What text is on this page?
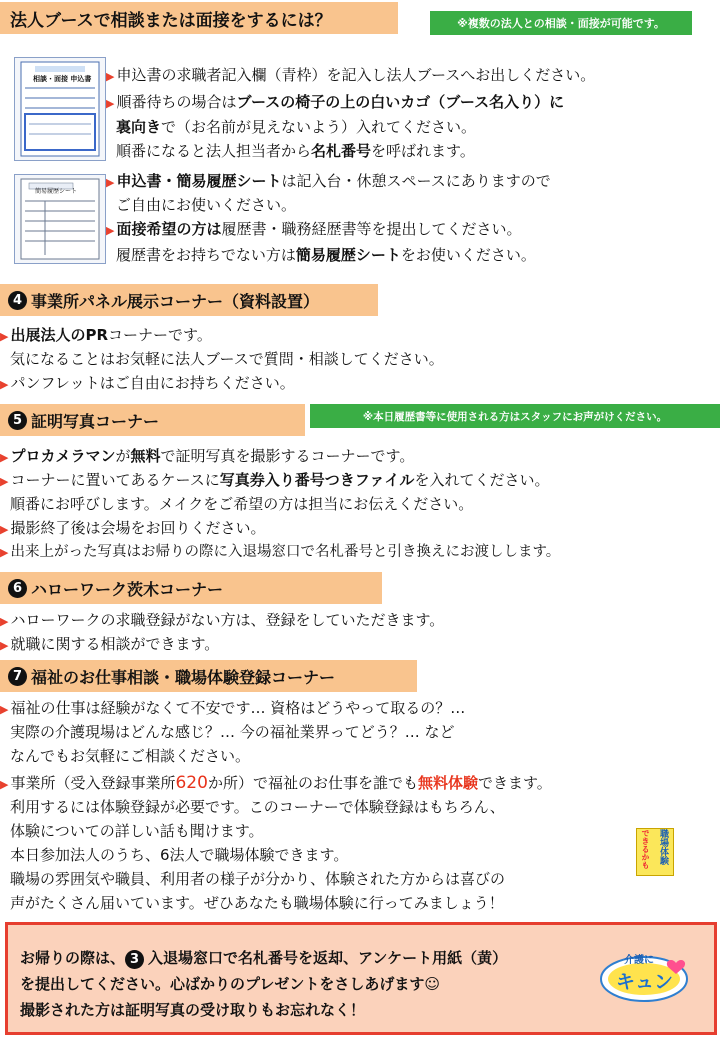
法人ブースで相談または面接をするには？	※複数の法人との相談・面接が可能です。
相談・面接 申込書 ▶ 申込書の求職者記入欄（青枠）を記入し法人ブースへお出しください。
▶ 順番待ちの場合はブースの椅子の上の白いカゴ（ブース名入り）に
裏向きで（お名前が見えないよう）入れてください。
順番になると法人担当者から名札番号を呼ばれます。
簡易履歴シート
▶ 申込書・簡易履歴シートは記入台・休憩スペースにありますので
ご自由にお使いください。
▶ 面接希望の方は履歴書・職務経歴書等を提出してください。
履歴書をお持ちでない方は簡易履歴シートをお使いください。
4 事業所パネル展示コーナー（資料設置）
▶ 出展法人のPRコーナーです。
気になることはお気軽に法人ブースで質問・相談してください。
▶ パンフレットはご自由にお持ちください。
5 証明写真コーナー	※本日履歴書等に使用される方はスタッフにお声がけください。
▶ プロカメラマンが無料で証明写真を撮影するコーナーです。
▶ コーナーに置いてあるケースに写真券入り番号つきファイルを入れてください。
順番にお呼びします。メイクをご希望の方は担当にお伝えください。
▶ 撮影終了後は会場をお回りください。
▶ 出来上がった写真はお帰りの際に入退場窓口で名札番号と引き換えにお渡しします。
6 ハローワーク茨木コーナー
▶ ハローワークの求職登録がない方は、登録をしていただきます。
▶ 就職に関する相談ができます。
7 福祉のお仕事相談・職場体験登録コーナー
▶ 福祉の仕事は経験がなくて不安です… 資格はどうやって取るの？…
実際の介護現場はどんな感じ？… 今の福祉業界ってどう？… など
なんでもお気軽にご相談ください。
▶ 事業所（受入登録事業所620か所）で福祉のお仕事を誰でも無料体験できます。
利用するには体験登録が必要です。このコーナーで体験登録はもちろん、
体験についての詳しい話も聞けます。
本日参加法人のうち、6法人で職場体験できます。
職場の雰囲気や職員、利用者の様子が分かり、体験された方からは喜びの
声がたくさん届いています。ぜひあなたも職場体験に行ってみましょう！
できるかも 職場体験
お帰りの際は、 3 入退場窓口で名札番号を返却、アンケート用紙（黄）
を提出してください。心ばかりのプレゼントをさしあげます☺
撮影された方は証明写真の受け取りもお忘れなく！
介護に
キュン
